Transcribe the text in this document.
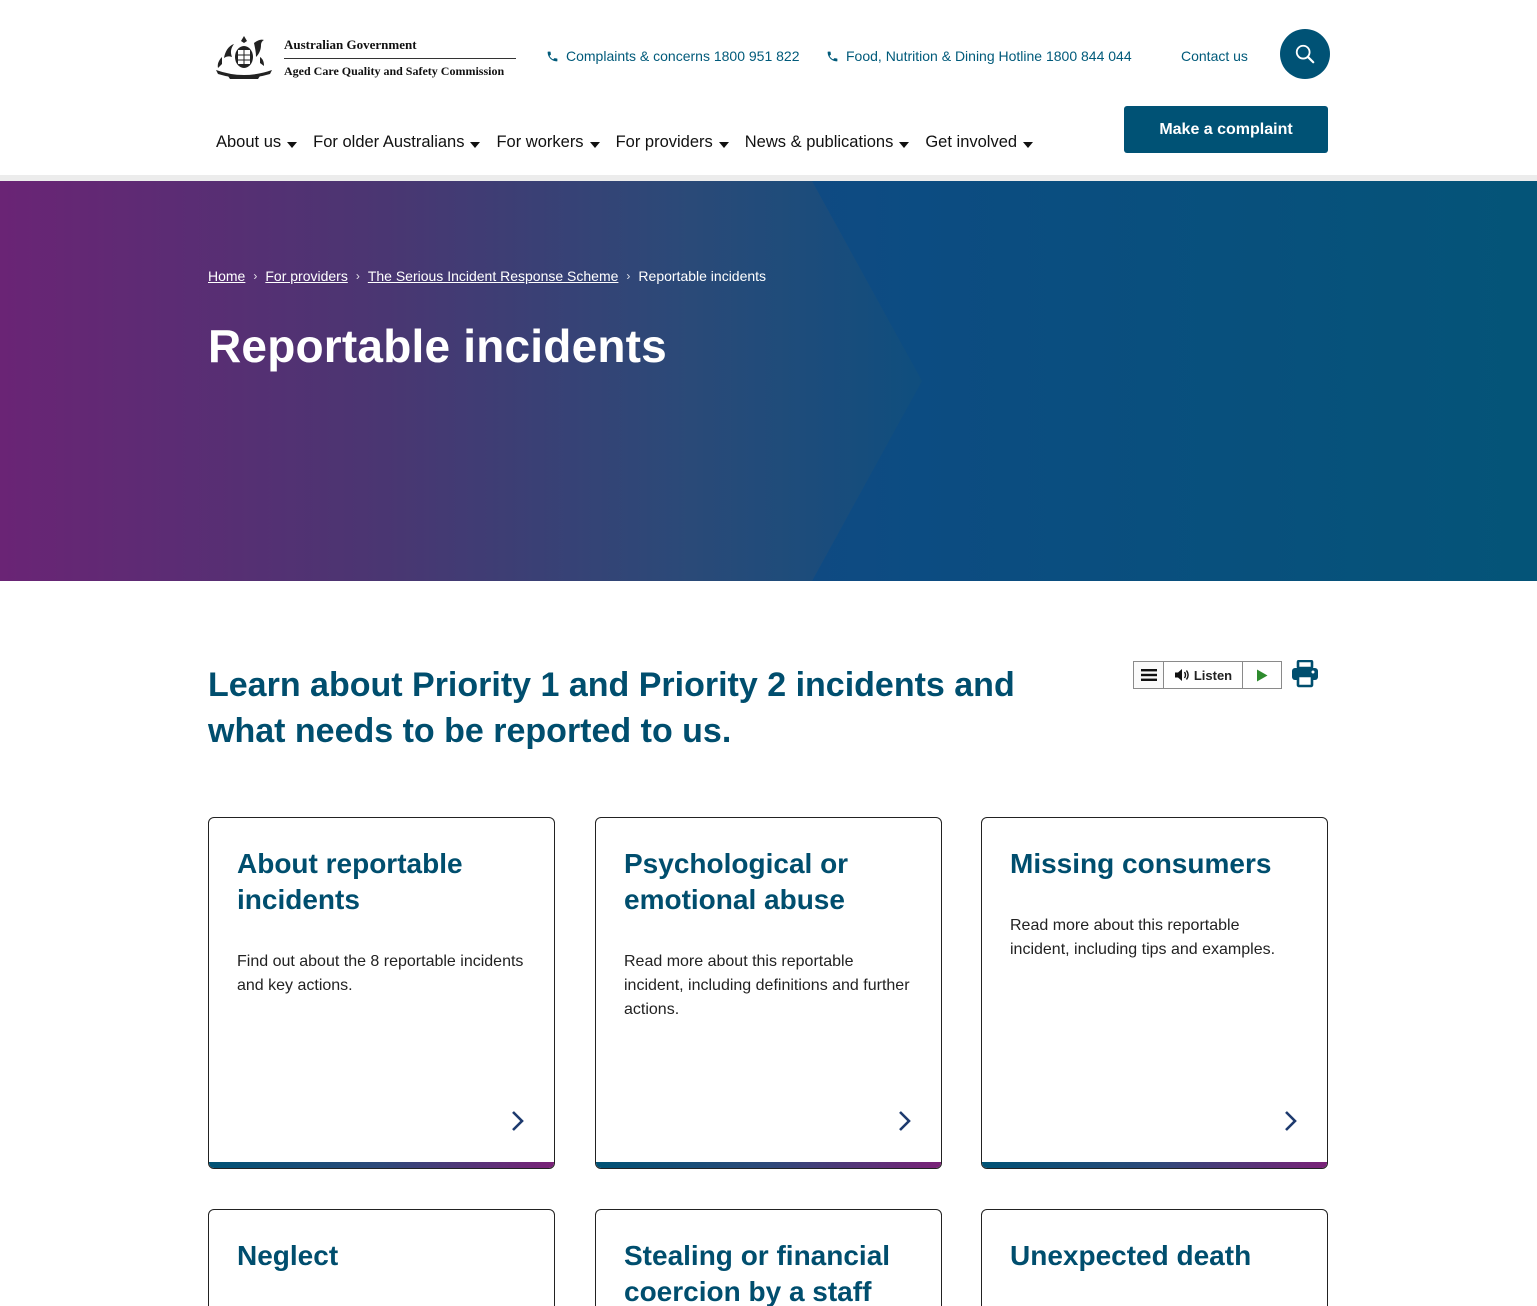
Australian Government
Aged Care Quality and Safety Commission
Complaints & concerns 1800 951 822	Food, Nutrition & Dining Hotline 1800 844 044	Contact us
Make a complaint
About us For older Australians For workers For providers News & publications Get involved
Home › For providers › The Serious Incident Response Scheme › Reportable incidents
Reportable incidents
Learn about Priority 1 and Priority 2 incidents and what needs to be reported to us.
Listen
About reportable incidents

Find out about the 8 reportable incidents and key actions.

Psychological or emotional abuse

Read more about this reportable incident, including definitions and further actions.

Missing consumers

Read more about this reportable incident, including tips and examples.

Neglect	Stealing or financial coercion by a staff
Unexpected death
